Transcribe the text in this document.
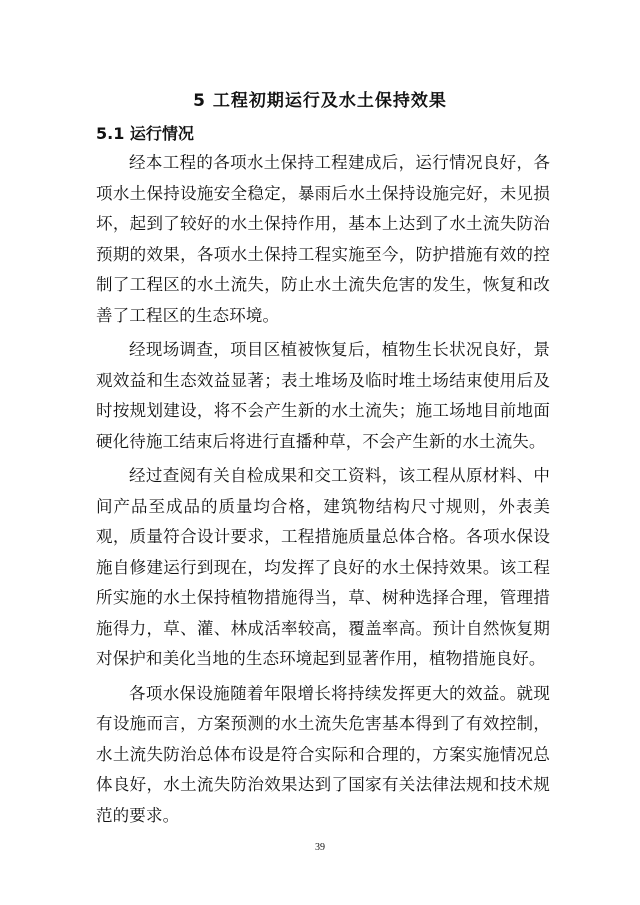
5 工程初期运行及水土保持效果
5.1 运行情况

经本工程的各项水土保持工程建成后，运行情况良好，各项水土保持设施安全稳定，暴雨后水土保持设施完好，未见损坏，起到了较好的水土保持作用，基本上达到了水土流失防治预期的效果，各项水土保持工程实施至今，防护措施有效的控制了工程区的水土流失，防止水土流失危害的发生，恢复和改善了工程区的生态环境。

经现场调查，项目区植被恢复后，植物生长状况良好，景观效益和生态效益显著；表土堆场及临时堆土场结束使用后及时按规划建设，将不会产生新的水土流失；施工场地目前地面硬化待施工结束后将进行直播种草，不会产生新的水土流失。

经过查阅有关自检成果和交工资料，该工程从原材料、中间产品至成品的质量均合格，建筑物结构尺寸规则，外表美观，质量符合设计要求，工程措施质量总体合格。各项水保设施自修建运行到现在，均发挥了良好的水土保持效果。该工程所实施的水土保持植物措施得当，草、树种选择合理，管理措施得力，草、灌、林成活率较高，覆盖率高。预计自然恢复期对保护和美化当地的生态环境起到显著作用，植物措施良好。

各项水保设施随着年限增长将持续发挥更大的效益。就现有设施而言，方案预测的水土流失危害基本得到了有效控制，水土流失防治总体布设是符合实际和合理的，方案实施情况总体良好，水土流失防治效果达到了国家有关法律法规和技术规范的要求。

39
